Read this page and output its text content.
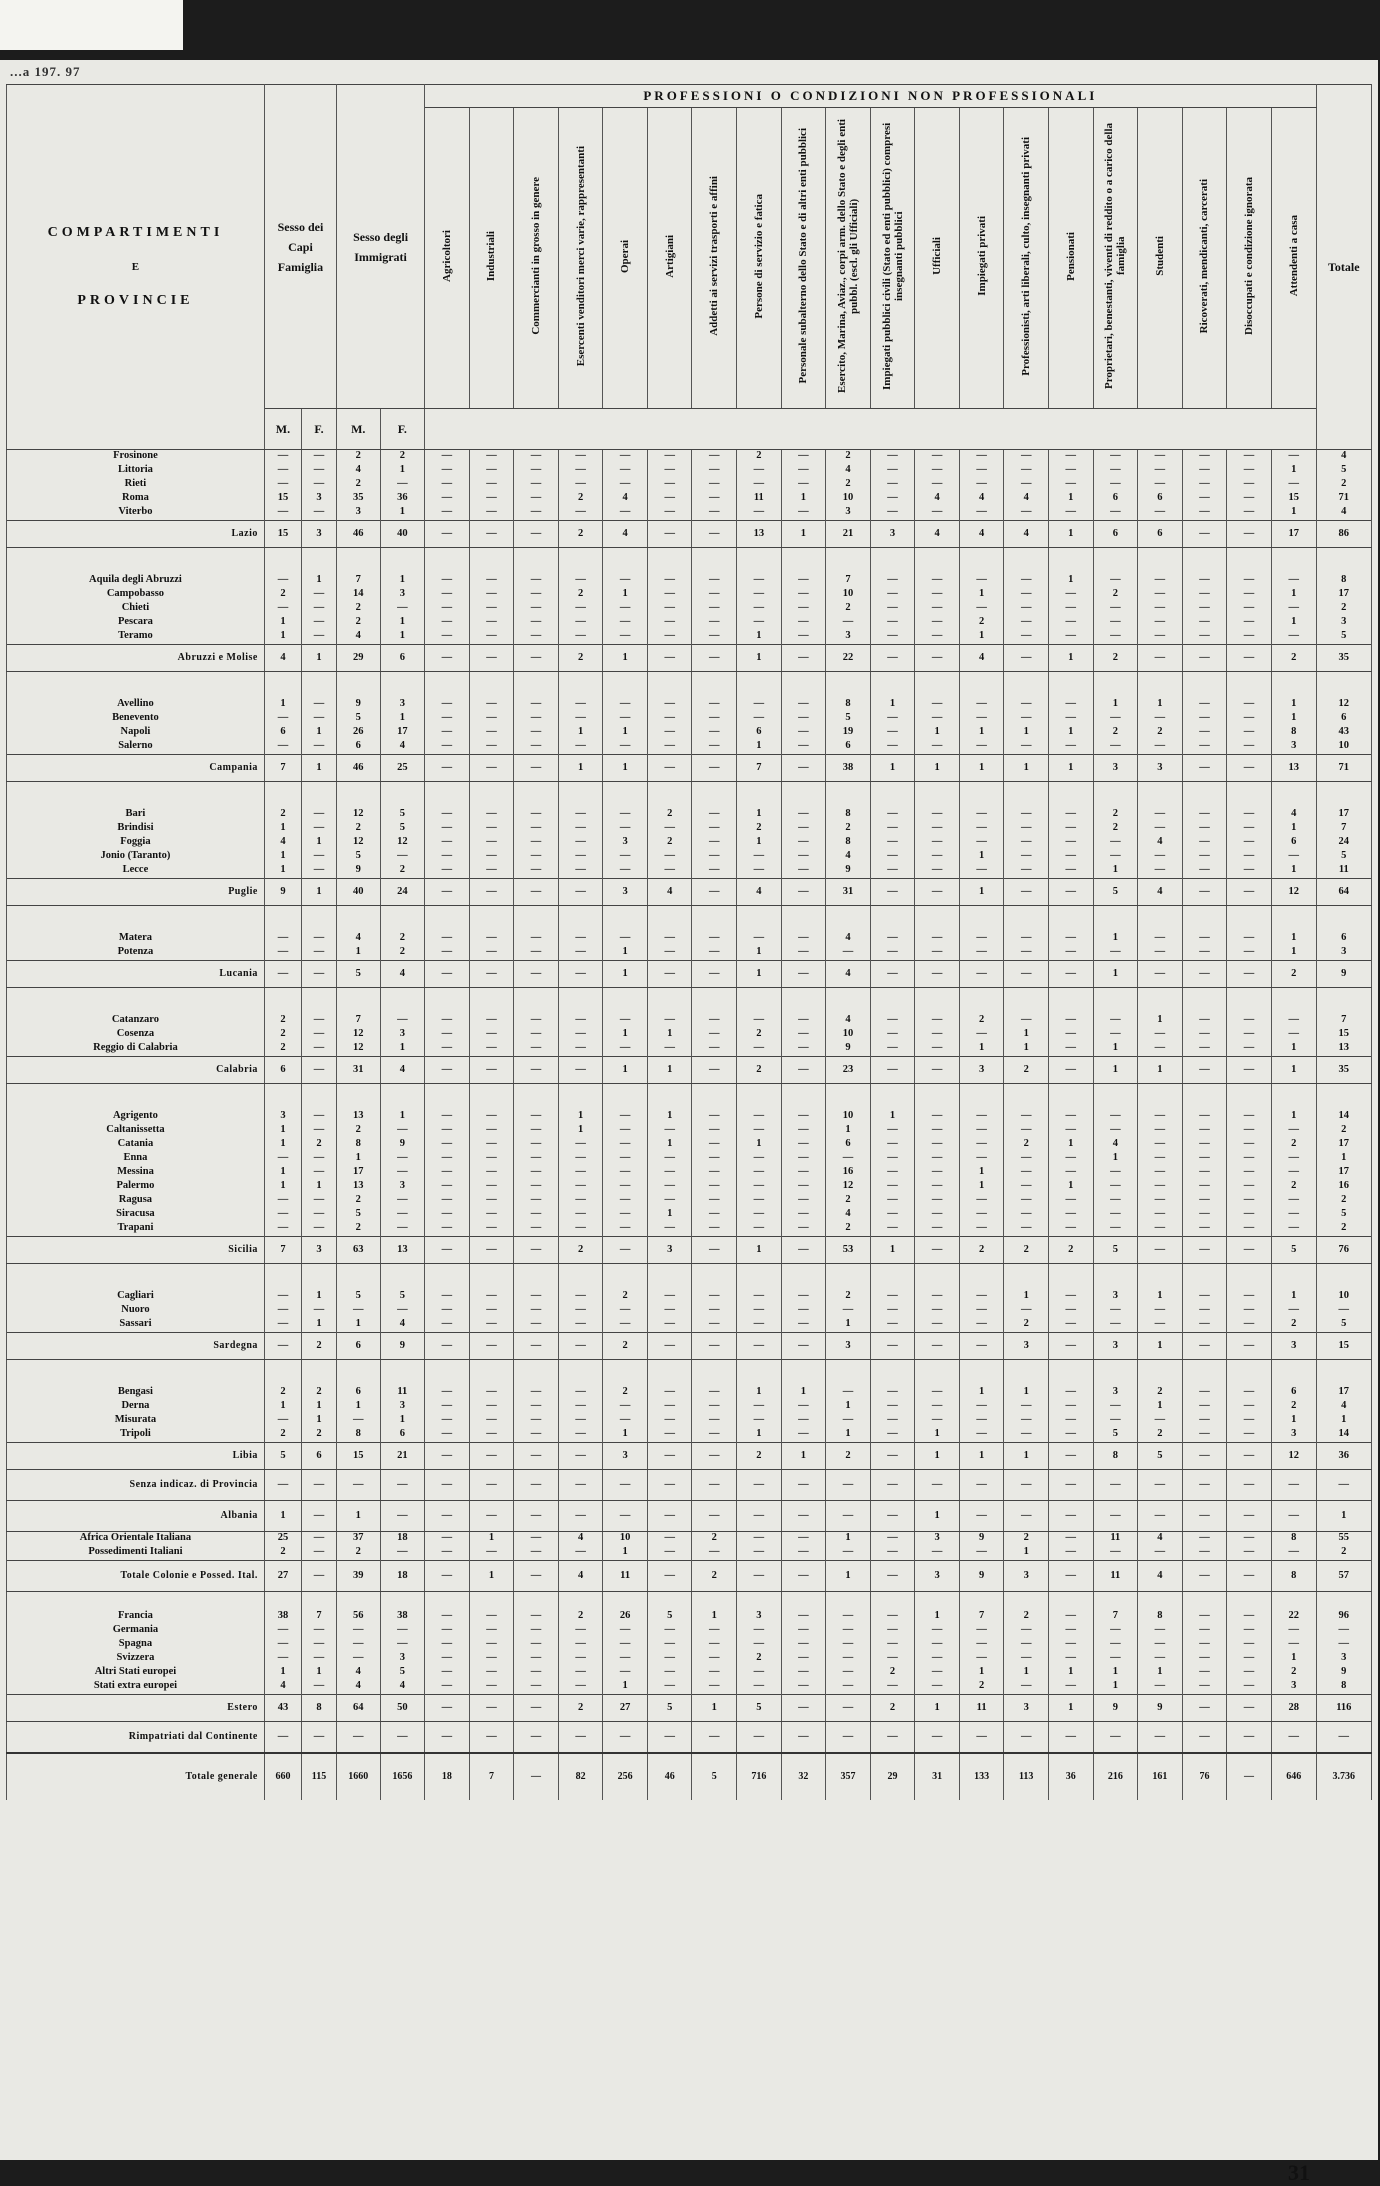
...a 197. 97
COMPARTIMENTI
E
PROVINCIE	Sesso dei Capi Famiglia		Sesso degli Immigrati		PROFESSIONI O CONDIZIONI NON PROFESSIONALI																				Totale
					Agricoltori	Industriali	Commercianti in grosso in genere	Esercenti venditori merci varie, rappresentanti	Operai	Artigiani	Addetti ai servizi trasporti e affini	Persone di servizio e fatica	Personale subalterno dello Stato e di altri enti pubblici	Esercito, Marina, Aviaz., corpi arm. dello Stato e degli enti pubbl. (escl. gli Ufficiali)	Impiegati pubblici civili (Stato ed enti pubblici) compresi insegnanti pubblici	Ufficiali	Impiegati privati	Professionisti, arti liberali, culto, insegnanti privati	Pensionati	Proprietari, benestanti, viventi di reddito o a carico della famiglia	Studenti	Ricoverati, mendicanti, carcerati	Disoccupati e condizione ignorata	Attendenti a casa	
	M.	F.	M.	F.																					
Frosinone	—	—	2	2	—	—	—	—	—	—	—	2	—	2	—	—	—	—	—	—	—	—	—	—	4
Littoria	—	—	4	1	—	—	—	—	—	—	—	—	—	4	—	—	—	—	—	—	—	—	—	1	5
Rieti	—	—	2	—	—	—	—	—	—	—	—	—	—	2	—	—	—	—	—	—	—	—	—	—	2
Roma	15	3	35	36	—	—	—	2	4	—	—	11	1	10	—	4	4	4	1	6	6	—	—	15	71
Viterbo	—	—	3	1	—	—	—	—	—	—	—	—	—	3	—	—	—	—	—	—	—	—	—	1	4
Lazio	15	3	46	40	—	—	—	2	4	—	—	13	1	21	3	4	4	4	1	6	6	—	—	17	86

Aquila degli Abruzzi	—	1	7	1	—	—	—	—	—	—	—	—	—	7	—	—	—	—	1	—	—	—	—	—	8
Campobasso	2	—	14	3	—	—	—	2	1	—	—	—	—	10	—	—	1	—	—	2	—	—	—	1	17
Chieti	—	—	2	—	—	—	—	—	—	—	—	—	—	2	—	—	—	—	—	—	—	—	—	—	2
Pescara	1	—	2	1	—	—	—	—	—	—	—	—	—	—	—	—	2	—	—	—	—	—	—	1	3
Teramo	1	—	4	1	—	—	—	—	—	—	—	1	—	3	—	—	1	—	—	—	—	—	—	—	5
Abruzzi e Molise	4	1	29	6	—	—	—	2	1	—	—	1	—	22	—	—	4	—	1	2	—	—	—	2	35

Avellino	1	—	9	3	—	—	—	—	—	—	—	—	—	8	1	—	—	—	—	1	1	—	—	1	12
Benevento	—	—	5	1	—	—	—	—	—	—	—	—	—	5	—	—	—	—	—	—	—	—	—	1	6
Napoli	6	1	26	17	—	—	—	1	1	—	—	6	—	19	—	1	1	1	1	2	2	—	—	8	43
Salerno	—	—	6	4	—	—	—	—	—	—	—	1	—	6	—	—	—	—	—	—	—	—	—	3	10
Campania	7	1	46	25	—	—	—	1	1	—	—	7	—	38	1	1	1	1	1	3	3	—	—	13	71

Bari	2	—	12	5	—	—	—	—	—	2	—	1	—	8	—	—	—	—	—	2	—	—	—	4	17
Brindisi	1	—	2	5	—	—	—	—	—	—	—	2	—	2	—	—	—	—	—	2	—	—	—	1	7
Foggia	4	1	12	12	—	—	—	—	3	2	—	1	—	8	—	—	—	—	—	—	4	—	—	6	24
Jonio (Taranto)	1	—	5	—	—	—	—	—	—	—	—	—	—	4	—	—	1	—	—	—	—	—	—	—	5
Lecce	1	—	9	2	—	—	—	—	—	—	—	—	—	9	—	—	—	—	—	1	—	—	—	1	11
Puglie	9	1	40	24	—	—	—	—	3	4	—	4	—	31	—	—	1	—	—	5	4	—	—	12	64

Matera	—	—	4	2	—	—	—	—	—	—	—	—	—	4	—	—	—	—	—	1	—	—	—	1	6
Potenza	—	—	1	2	—	—	—	—	1	—	—	1	—	—	—	—	—	—	—	—	—	—	—	1	3
Lucania	—	—	5	4	—	—	—	—	1	—	—	1	—	4	—	—	—	—	—	1	—	—	—	2	9

Catanzaro	2	—	7	—	—	—	—	—	—	—	—	—	—	4	—	—	2	—	—	—	1	—	—	—	7
Cosenza	2	—	12	3	—	—	—	—	1	1	—	2	—	10	—	—	—	1	—	—	—	—	—	—	15
Reggio di Calabria	2	—	12	1	—	—	—	—	—	—	—	—	—	9	—	—	1	1	—	1	—	—	—	1	13
Calabria	6	—	31	4	—	—	—	—	1	1	—	2	—	23	—	—	3	2	—	1	1	—	—	1	35

Agrigento	3	—	13	1	—	—	—	1	—	1	—	—	—	10	1	—	—	—	—	—	—	—	—	1	14
Caltanissetta	1	—	2	—	—	—	—	1	—	—	—	—	—	1	—	—	—	—	—	—	—	—	—	—	2
Catania	1	2	8	9	—	—	—	—	—	1	—	1	—	6	—	—	—	2	1	4	—	—	—	2	17
Enna	—	—	1	—	—	—	—	—	—	—	—	—	—	—	—	—	—	—	—	1	—	—	—	—	1
Messina	1	—	17	—	—	—	—	—	—	—	—	—	—	16	—	—	1	—	—	—	—	—	—	—	17
Palermo	1	1	13	3	—	—	—	—	—	—	—	—	—	12	—	—	1	—	1	—	—	—	—	2	16
Ragusa	—	—	2	—	—	—	—	—	—	—	—	—	—	2	—	—	—	—	—	—	—	—	—	—	2
Siracusa	—	—	5	—	—	—	—	—	—	1	—	—	—	4	—	—	—	—	—	—	—	—	—	—	5
Trapani	—	—	2	—	—	—	—	—	—	—	—	—	—	2	—	—	—	—	—	—	—	—	—	—	2
Sicilia	7	3	63	13	—	—	—	2	—	3	—	1	—	53	1	—	2	2	2	5	—	—	—	5	76

Cagliari	—	1	5	5	—	—	—	—	2	—	—	—	—	2	—	—	—	1	—	3	1	—	—	1	10
Nuoro	—	—	—	—	—	—	—	—	—	—	—	—	—	—	—	—	—	—	—	—	—	—	—	—	—
Sassari	—	1	1	4	—	—	—	—	—	—	—	—	—	1	—	—	—	2	—	—	—	—	—	2	5
Sardegna	—	2	6	9	—	—	—	—	2	—	—	—	—	3	—	—	—	3	—	3	1	—	—	3	15

Bengasi	2	2	6	11	—	—	—	—	2	—	—	1	1	—	—	—	1	1	—	3	2	—	—	6	17
Derna	1	1	1	3	—	—	—	—	—	—	—	—	—	1	—	—	—	—	—	—	1	—	—	2	4
Misurata	—	1	—	1	—	—	—	—	—	—	—	—	—	—	—	—	—	—	—	—	—	—	—	1	1
Tripoli	2	2	8	6	—	—	—	—	1	—	—	1	—	1	—	1	—	—	—	5	2	—	—	3	14
Libia	5	6	15	21	—	—	—	—	3	—	—	2	1	2	—	1	1	1	—	8	5	—	—	12	36
Senza indicaz. di Provincia	—	—	—	—	—	—	—	—	—	—	—	—	—	—	—	—	—	—	—	—	—	—	—	—	—
Albania	1	—	1	—	—	—	—	—	—	—	—	—	—	—	—	1	—	—	—	—	—	—	—	—	1
Africa Orientale Italiana	25	—	37	18	—	1	—	4	10	—	2	—	—	1	—	3	9	2	—	11	4	—	—	8	55
Possedimenti Italiani	2	—	2	—	—	—	—	—	1	—	—	—	—	—	—	—	—	1	—	—	—	—	—	—	2
Totale Colonie e Possed. Ital.	27	—	39	18	—	1	—	4	11	—	2	—	—	1	—	3	9	3	—	11	4	—	—	8	57

Francia	38	7	56	38	—	—	—	2	26	5	1	3	—	—	—	1	7	2	—	7	8	—	—	22	96
Germania	—	—	—	—	—	—	—	—	—	—	—	—	—	—	—	—	—	—	—	—	—	—	—	—	—
Spagna	—	—	—	—	—	—	—	—	—	—	—	—	—	—	—	—	—	—	—	—	—	—	—	—	—
Svizzera	—	—	—	3	—	—	—	—	—	—	—	2	—	—	—	—	—	—	—	—	—	—	—	1	3
Altri Stati europei	1	1	4	5	—	—	—	—	—	—	—	—	—	—	2	—	1	1	1	1	1	—	—	2	9
Stati extra europei	4	—	4	4	—	—	—	—	1	—	—	—	—	—	—	—	2	—	—	1	—	—	—	3	8
Estero	43	8	64	50	—	—	—	2	27	5	1	5	—	—	2	1	11	3	1	9	9	—	—	28	116
Rimpatriati dal Continente	—	—	—	—	—	—	—	—	—	—	—	—	—	—	—	—	—	—	—	—	—	—	—	—	—
Totale generale	660	115	1660	1656	18	7	—	82	256	46	5	716	32	357	29	31	133	113	36	216	161	76	—	646	3.736
31
